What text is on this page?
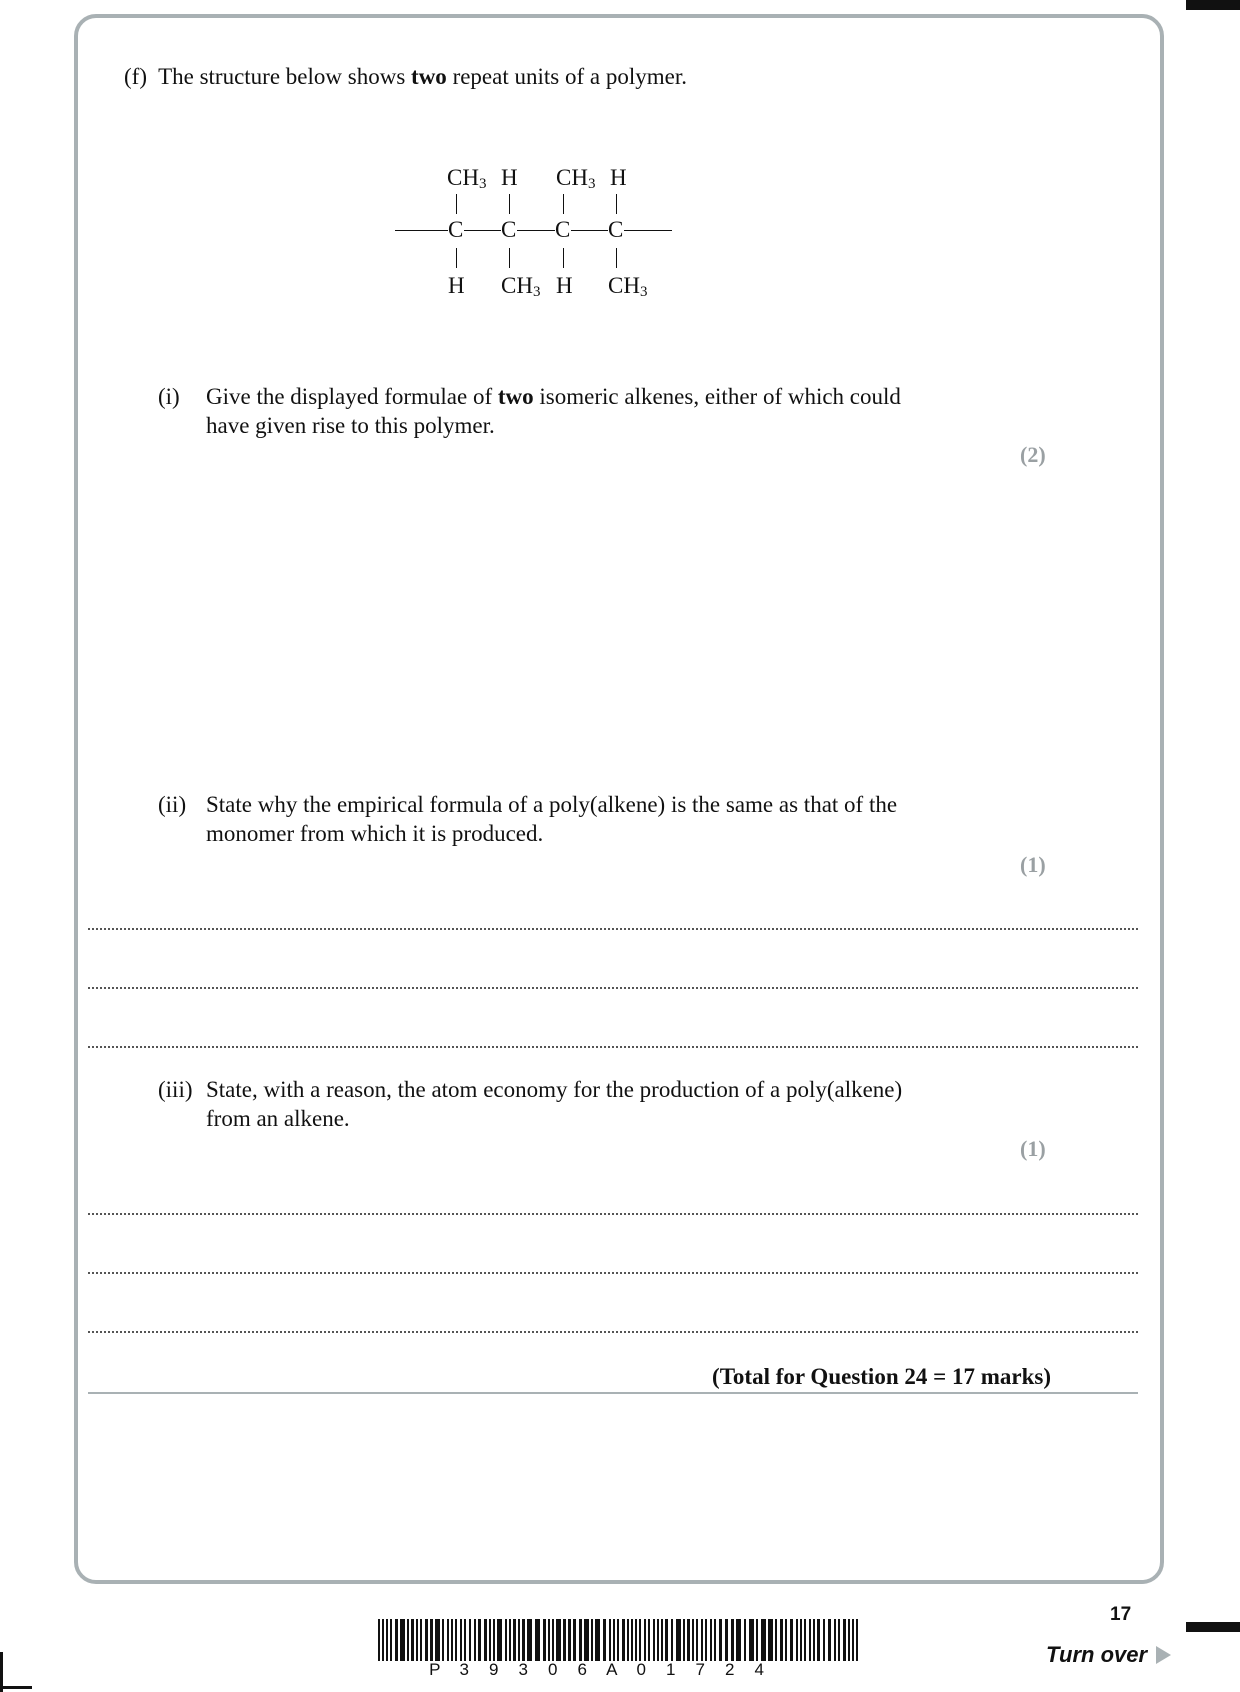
(f) The structure below shows two repeat units of a polymer.
$CH_3$ H $CH_3$ H
C C C C
H $CH_3$ H $CH_3$
(i) Give the displayed formulae of two isomeric alkenes, either of which could
have given rise to this polymer.
(2)
(ii) State why the empirical formula of a poly(alkene) is the same as that of the
monomer from which it is produced.
(1)
(iii) State, with a reason, the atom economy for the production of a poly(alkene)
from an alkene.
(1)
(Total for Question 24 = 17 marks)
P 3 9 3 0 6 A 0 1 7 2 4
17
Turn over
